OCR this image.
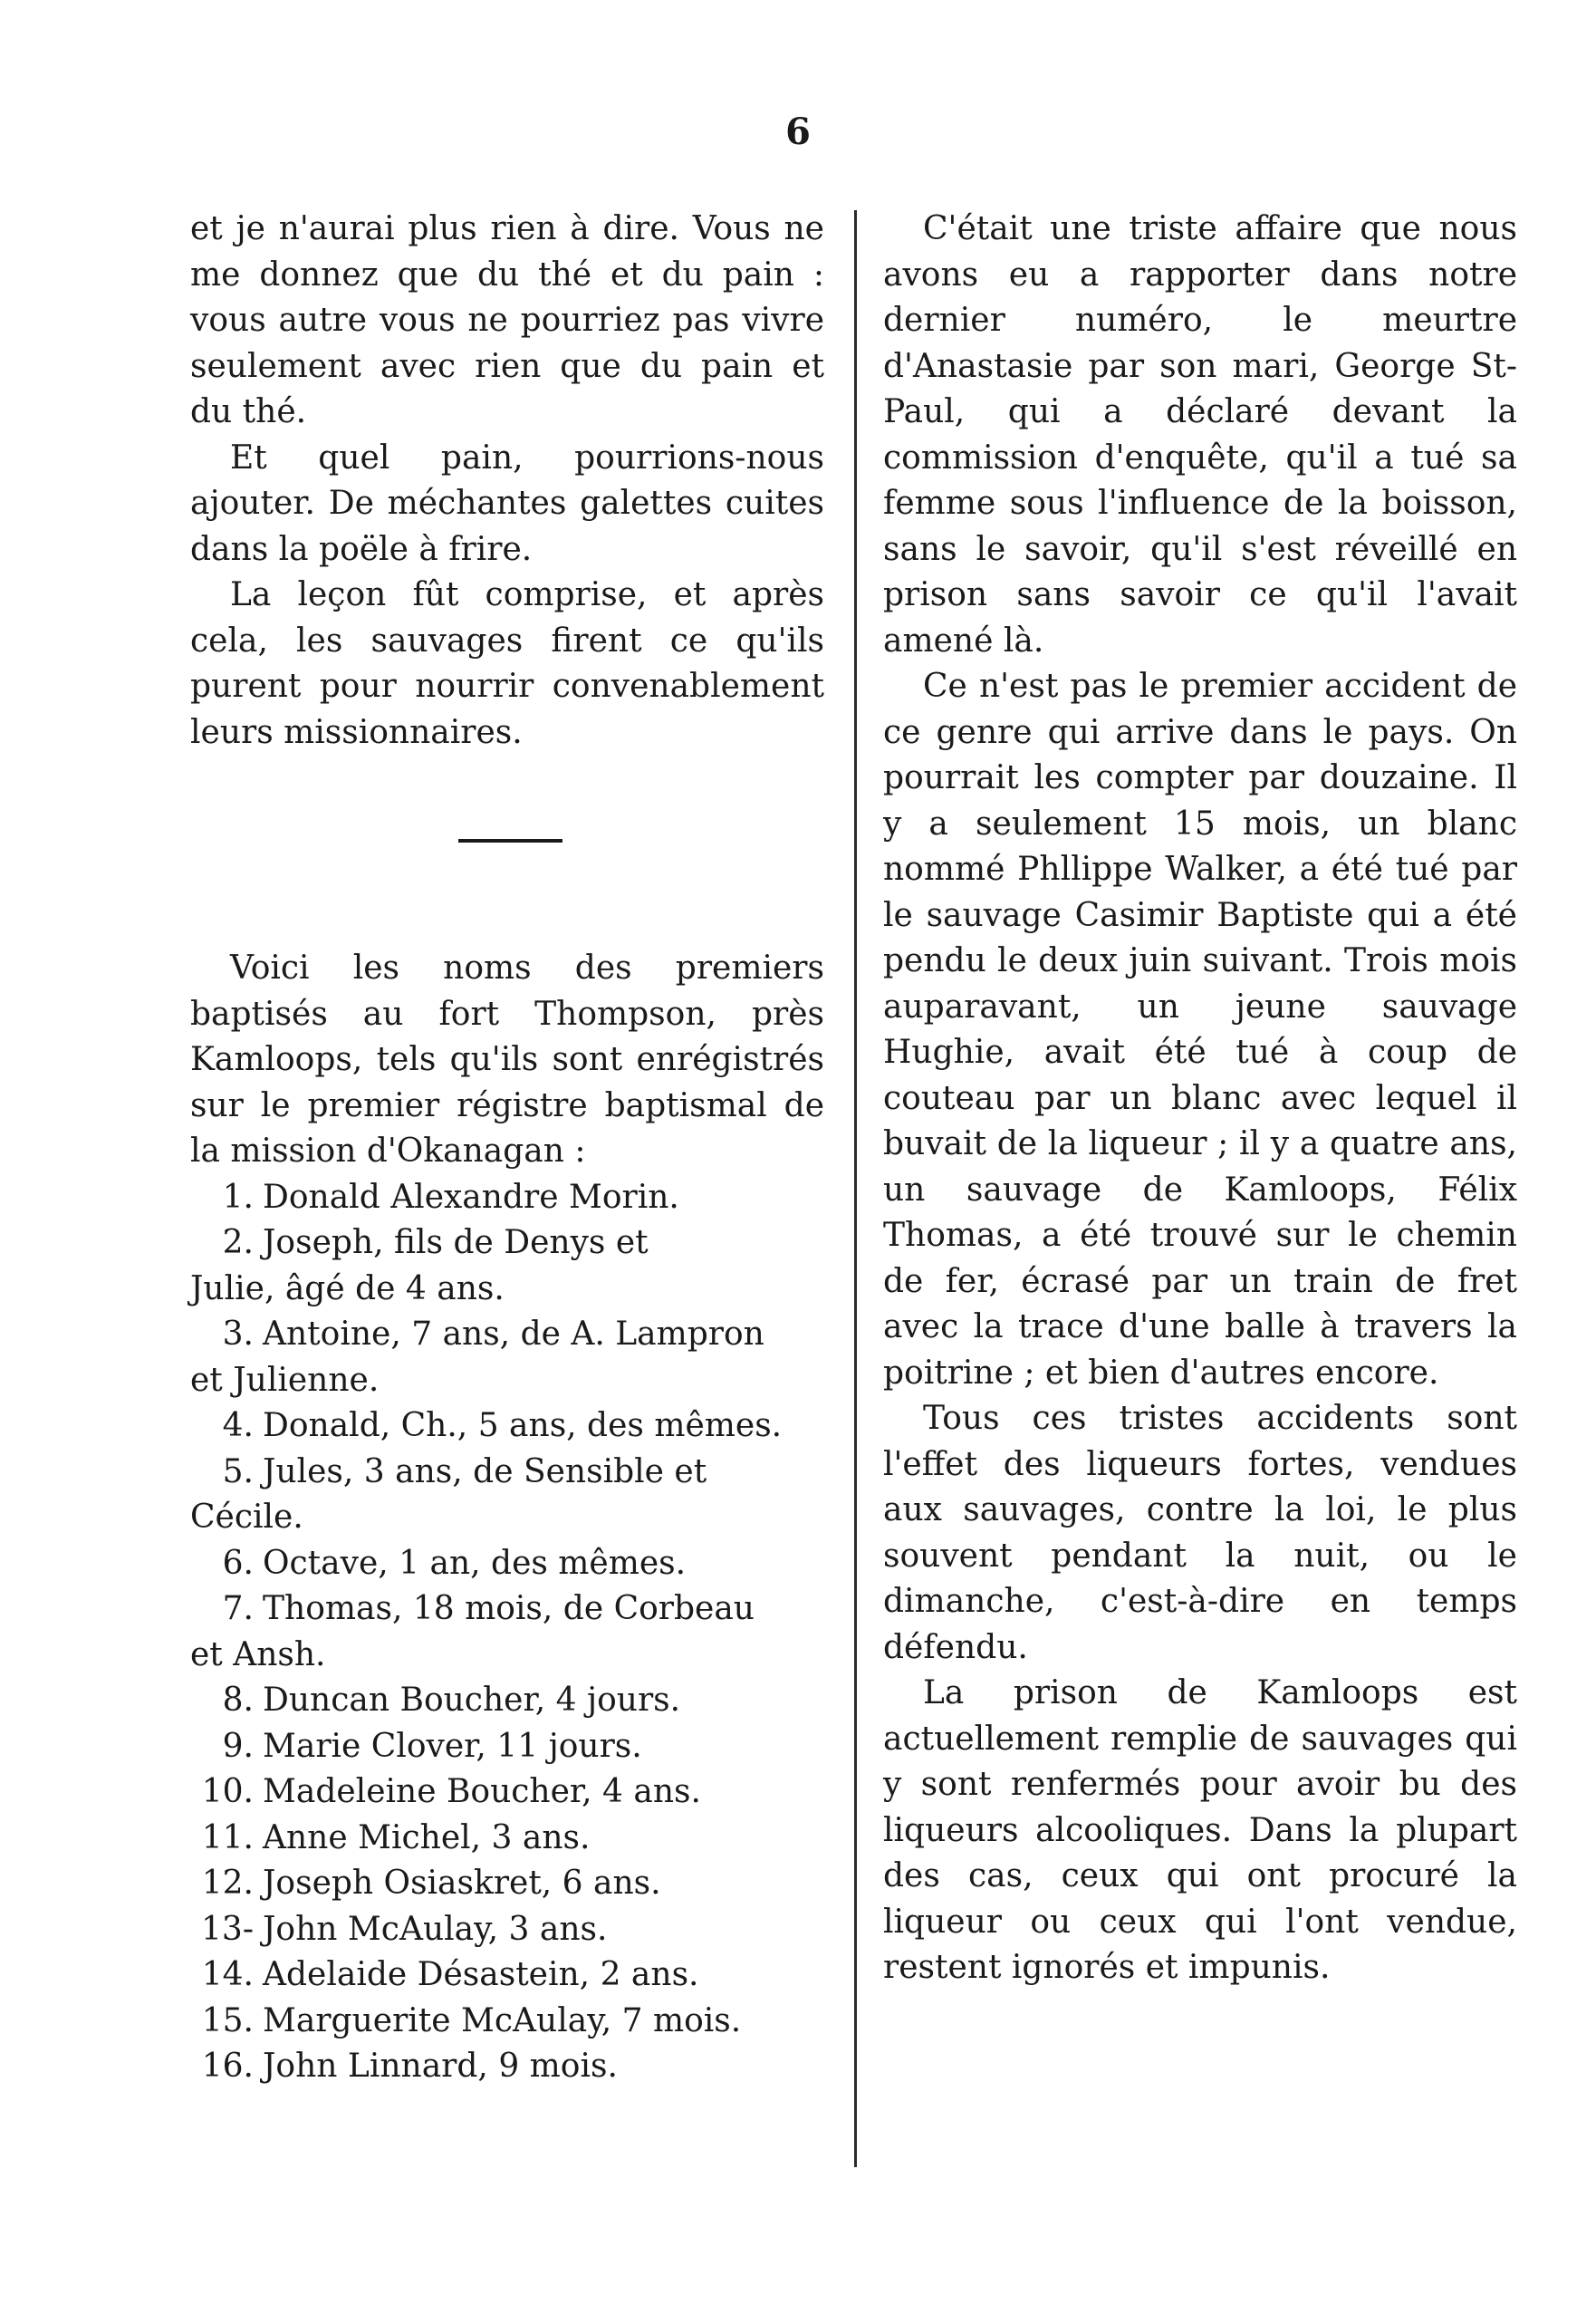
6

et je n'aurai plus rien à dire. Vous ne me donnez que du thé et du pain : vous autre vous ne pourriez pas vivre seulement avec rien que du pain et du thé.

Et quel pain, pourrions-nous ajouter. De méchantes galettes cuites dans la poële à frire.

La leçon fût comprise, et après cela, les sauvages firent ce qu'ils purent pour nourrir convenablement leurs missionnaires.

Voici les noms des premiers baptisés au fort Thompson, près Kamloops, tels qu'ils sont enrégistrés sur le premier régistre baptismal de la mission d'Okanagan :

1. Donald Alexandre Morin.
2. Joseph, fils de Denys et
Julie, âgé de 4 ans.
3. Antoine, 7 ans, de A. Lampron
et Julienne.
4. Donald, Ch., 5 ans, des mêmes.
5. Jules, 3 ans, de Sensible et
Cécile.
6. Octave, 1 an, des mêmes.
7. Thomas, 18 mois, de Corbeau
et Ansh.
8. Duncan Boucher, 4 jours.
9. Marie Clover, 11 jours.
10. Madeleine Boucher, 4 ans.
11. Anne Michel, 3 ans.
12. Joseph Osiaskret, 6 ans.
13- John McAulay, 3 ans.
14. Adelaide Désastein, 2 ans.
15. Marguerite McAulay, 7 mois.
16. John Linnard, 9 mois.

C'était une triste affaire que nous avons eu a rapporter dans notre dernier numéro, le meurtre d'Anastasie par son mari, George St-Paul, qui a déclaré devant la commission d'enquête, qu'il a tué sa femme sous l'influence de la boisson, sans le savoir, qu'il s'est réveillé en prison sans savoir ce qu'il l'avait amené là.

Ce n'est pas le premier accident de ce genre qui arrive dans le pays. On pourrait les compter par douzaine. Il y a seulement 15 mois, un blanc nommé Phllippe Walker, a été tué par le sauvage Casimir Baptiste qui a été pendu le deux juin suivant. Trois mois auparavant, un jeune sauvage Hughie, avait été tué à coup de couteau par un blanc avec lequel il buvait de la liqueur ; il y a quatre ans, un sauvage de Kamloops, Félix Thomas, a été trouvé sur le chemin de fer, écrasé par un train de fret avec la trace d'une balle à travers la poitrine ; et bien d'autres encore.

Tous ces tristes accidents sont l'effet des liqueurs fortes, vendues aux sauvages, contre la loi, le plus souvent pendant la nuit, ou le dimanche, c'est-à-dire en temps défendu.

La prison de Kamloops est actuellement remplie de sauvages qui y sont renfermés pour avoir bu des liqueurs alcooliques. Dans la plupart des cas, ceux qui ont procuré la liqueur ou ceux qui l'ont vendue, restent ignorés et impunis.
